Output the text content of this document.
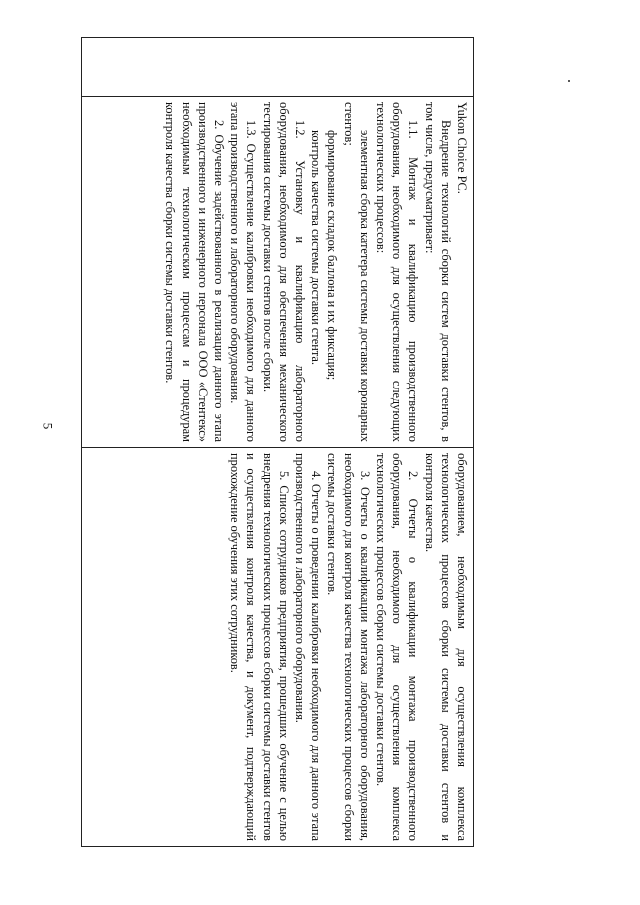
5

Yukon Choice PC.

Внедрение технологий сборки систем доставки стентов, в том числе, предусматривает:

1.1. Монтаж и квалификацию производственного оборудования, необходимого для осуществления следующих технологических процессов:

элементная сборка катетера системы доставки коронарных стентов;

формирование складок баллона и их фиксация;

контроль качества системы доставки стента.

1.2. Установку и квалификацию лабораторного оборудования, необходимого для обеспечения механического тестирования системы доставки стентов после сборки.

1.3. Осуществление калибровки необходимого для данного этапа производственного и лабораторного оборудования.

2. Обучение задействованного в реализации данного этапа производственного и инженерного персонала ООО «Стентекс» необходимым технологическим процессам и процедурам контроля качества сборки системы доставки стентов.

оборудованием, необходимым для осуществления комплекса технологических процессов сборки системы доставки стентов и контроля качества.

2. Отчеты о квалификации монтажа производственного оборудования, необходимого для осуществления комплекса технологических процессов сборки системы доставки стентов.

3. Отчеты о квалификации монтажа лабораторного оборудования, необходимого для контроля качества технологических процессов сборки системы доставки стентов.

4. Отчеты о проведении калибровки необходимого для данного этапа производственного и лабораторного оборудования.

5. Список сотрудников предприятия, прошедших обучение с целью внедрения технологических процессов сборки системы доставки стентов и осуществления контроля качества, и документ, подтверждающий прохождение обучения этих сотрудников.
